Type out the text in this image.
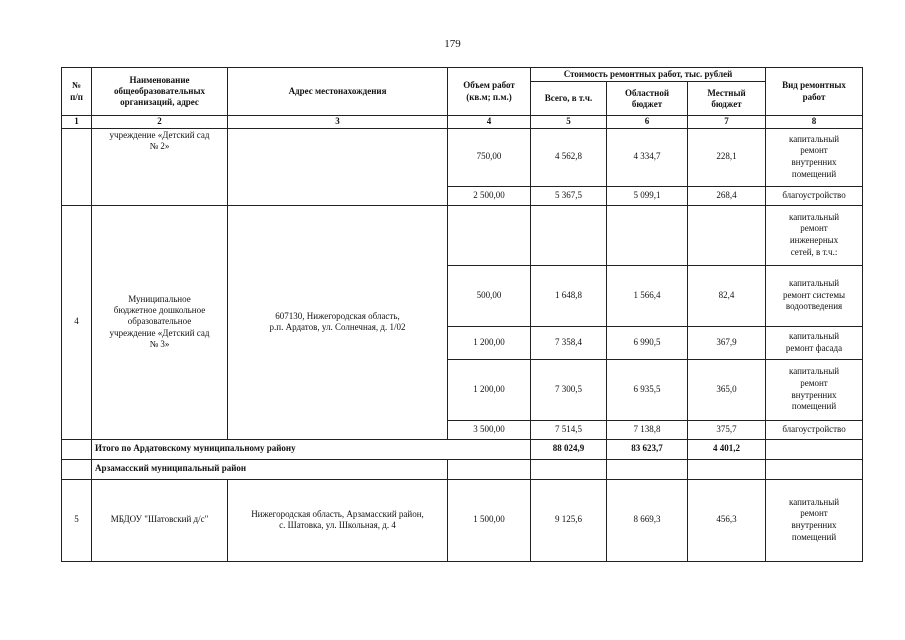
179
№
п/п	Наименование
общеобразовательных
организаций, адрес	Адрес местонахождения	Объем работ
(кв.м; п.м.)	Стоимость ремонтных работ, тыс. рублей			Вид ремонтных
работ
				Всего, в т.ч.	Областной
бюджет	Местный
бюджет	
1	2	3	4	5	6	7	8
	учреждение «Детский сад
№ 2»		750,00	4 562,8	4 334,7	228,1	капитальный
ремонт
внутренних
помещений
			2 500,00	5 367,5	5 099,1	268,4	благоустройство
4	Муниципальное
бюджетное дошкольное
образовательное
учреждение «Детский сад
№ 3»	607130, Нижегородская область,
р.п. Ардатов, ул. Солнечная, д. 1/02					капитальный
ремонт
инженерных
сетей, в т.ч.:
			500,00	1 648,8	1 566,4	82,4	капитальный
ремонт системы
водоотведения
			1 200,00	7 358,4	6 990,5	367,9	капитальный
ремонт фасада
			1 200,00	7 300,5	6 935,5	365,0	капитальный
ремонт
внутренних
помещений
			3 500,00	7 514,5	7 138,8	375,7	благоустройство
	Итого по Ардатовскому муниципальному району			88 024,9	83 623,7	4 401,2	
	Арзамасский муниципальный район						
5	МБДОУ "Шатовский д/с"	Нижегородская область, Арзамасский район,
с. Шатовка, ул. Школьная, д. 4	1 500,00	9 125,6	8 669,3	456,3	капитальный
ремонт
внутренних
помещений
